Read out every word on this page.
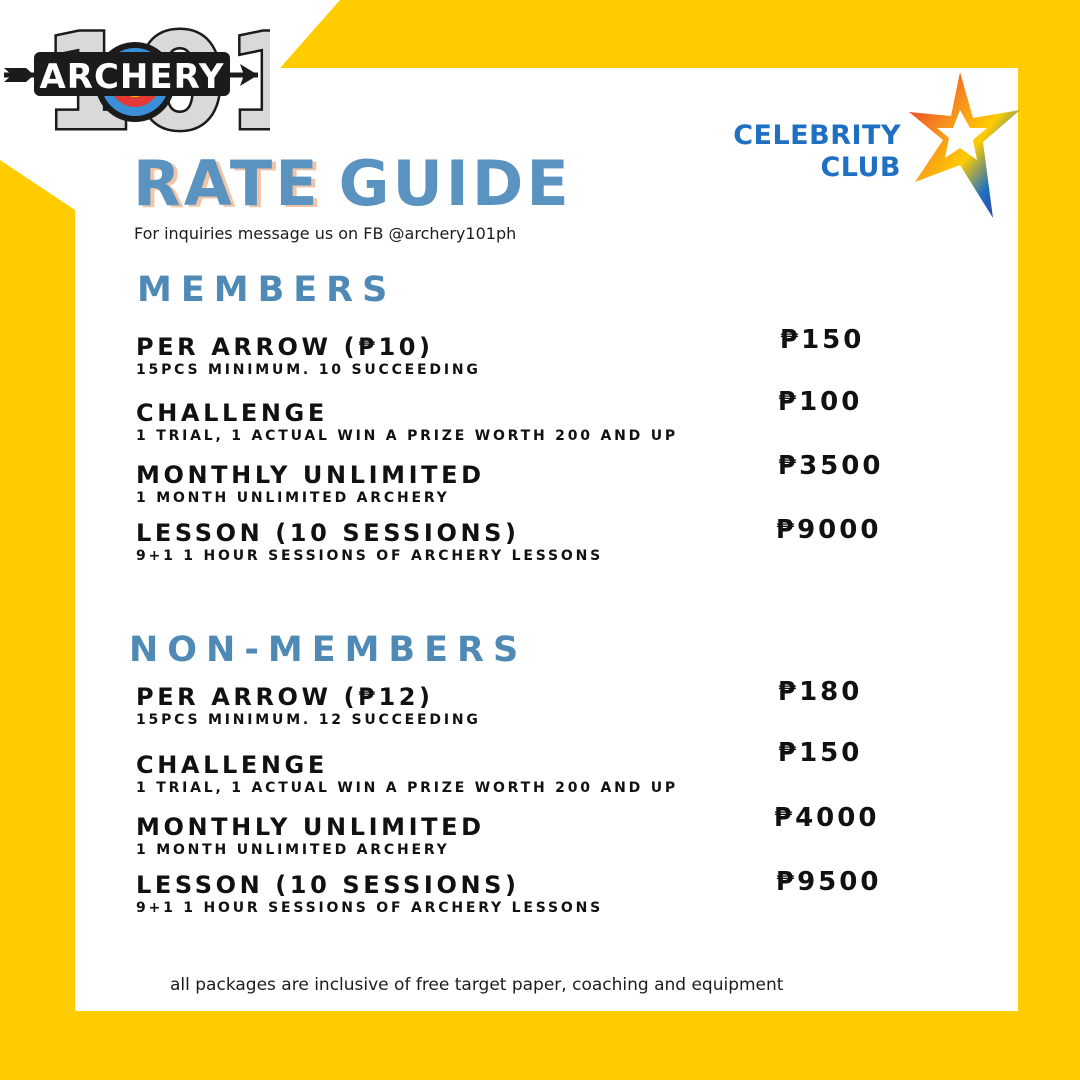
ARCHERY
CELEBRITY
CLUB
RATE GUIDE
For inquiries message us on FB @archery101ph
MEMBERS
PER ARROW (₱10)
15PCS MINIMUM. 10 SUCCEEDING
₱150
CHALLENGE
1 TRIAL, 1 ACTUAL WIN A PRIZE WORTH 200 AND UP
₱100
MONTHLY UNLIMITED
1 MONTH UNLIMITED ARCHERY
₱3500
LESSON (10 SESSIONS)
9+1 1 HOUR SESSIONS OF ARCHERY LESSONS
₱9000
NON-MEMBERS
PER ARROW (₱12)
15PCS MINIMUM. 12 SUCCEEDING
₱180
CHALLENGE
1 TRIAL, 1 ACTUAL WIN A PRIZE WORTH 200 AND UP
₱150
MONTHLY UNLIMITED
1 MONTH UNLIMITED ARCHERY
₱4000
LESSON (10 SESSIONS)
9+1 1 HOUR SESSIONS OF ARCHERY LESSONS
₱9500
all packages are inclusive of free target paper, coaching and equipment
